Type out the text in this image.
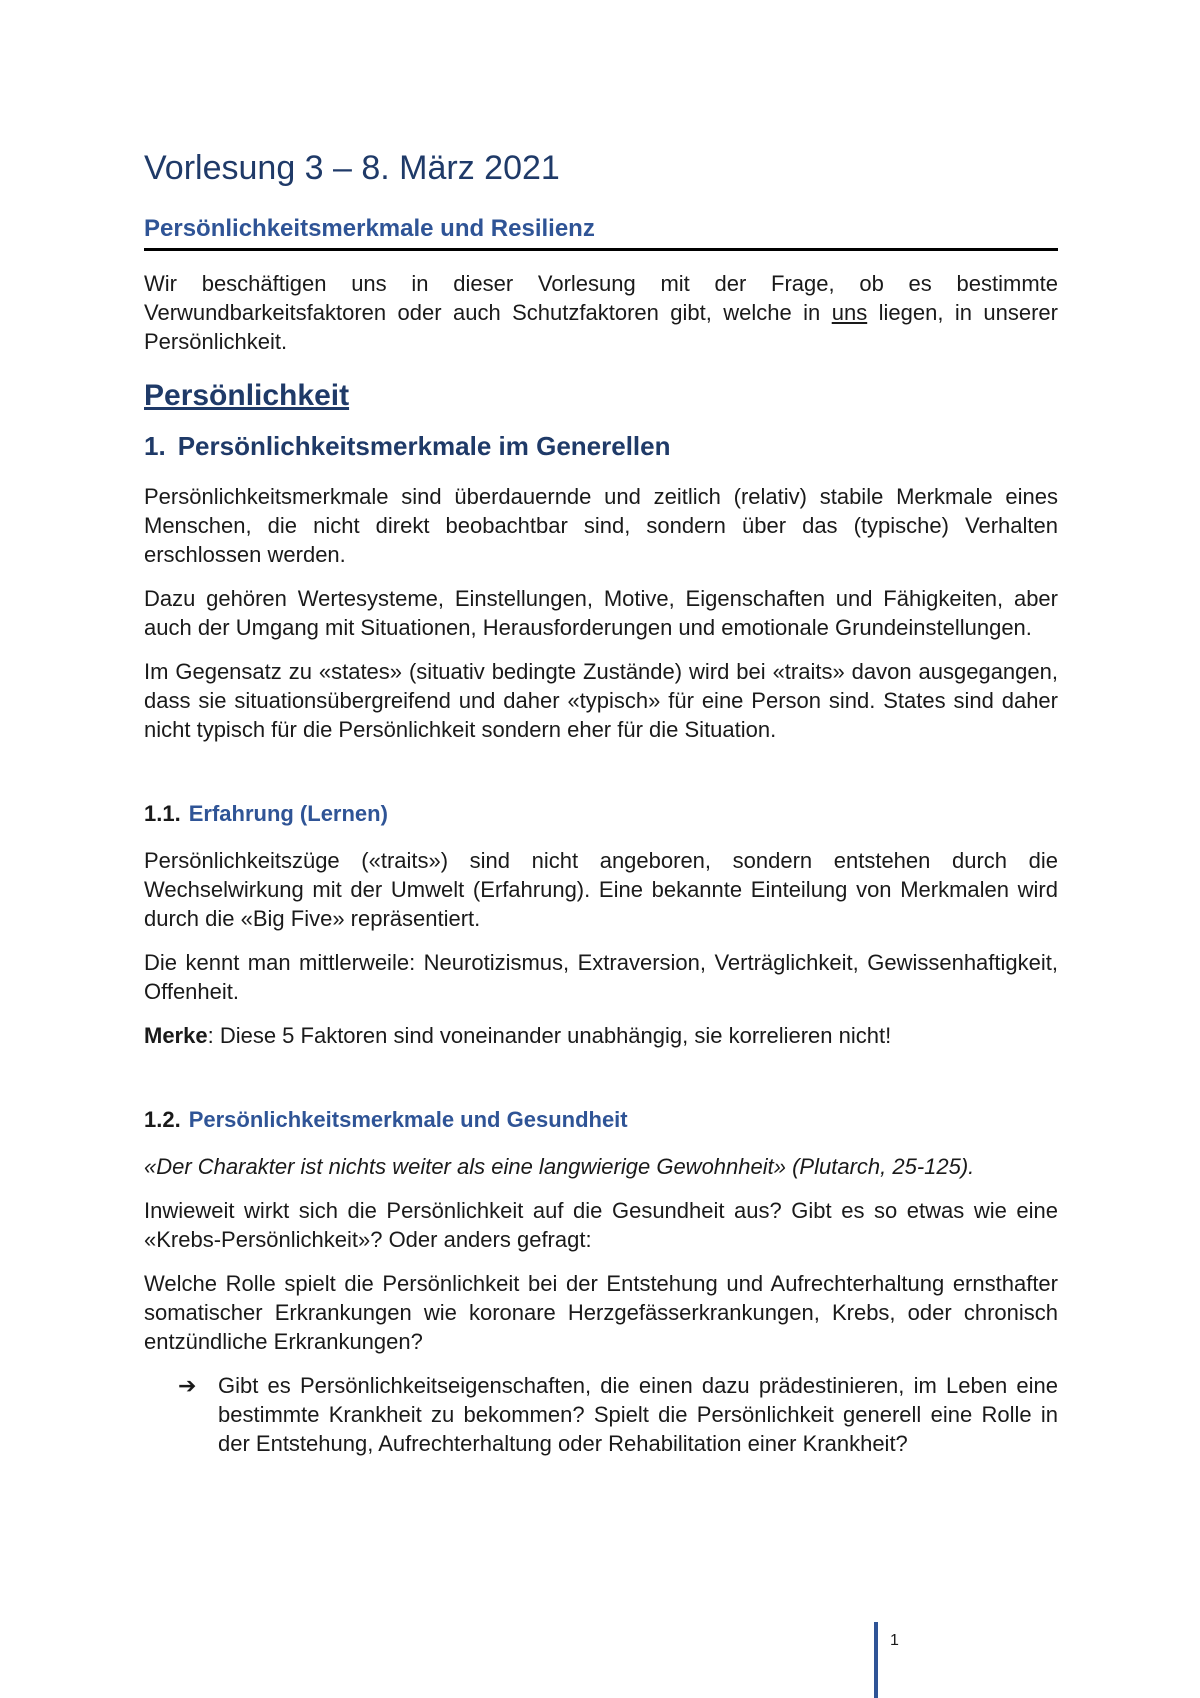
Vorlesung 3 – 8. März 2021
Persönlichkeitsmerkmale und Resilienz

Wir beschäftigen uns in dieser Vorlesung mit der Frage, ob es bestimmte Verwundbarkeitsfaktoren oder auch Schutzfaktoren gibt, welche in uns liegen, in unserer Persönlichkeit.

Persönlichkeit
1. Persönlichkeitsmerkmale im Generellen

Persönlichkeitsmerkmale sind überdauernde und zeitlich (relativ) stabile Merkmale eines Menschen, die nicht direkt beobachtbar sind, sondern über das (typische) Verhalten erschlossen werden.

Dazu gehören Wertesysteme, Einstellungen, Motive, Eigenschaften und Fähigkeiten, aber auch der Umgang mit Situationen, Herausforderungen und emotionale Grundeinstellungen.

Im Gegensatz zu «states» (situativ bedingte Zustände) wird bei «traits» davon ausgegangen, dass sie situationsübergreifend und daher «typisch» für eine Person sind. States sind daher nicht typisch für die Persönlichkeit sondern eher für die Situation.

1.1. Erfahrung (Lernen)

Persönlichkeitszüge («traits») sind nicht angeboren, sondern entstehen durch die Wechselwirkung mit der Umwelt (Erfahrung). Eine bekannte Einteilung von Merkmalen wird durch die «Big Five» repräsentiert.

Die kennt man mittlerweile: Neurotizismus, Extraversion, Verträglichkeit, Gewissenhaftigkeit, Offenheit.

Merke: Diese 5 Faktoren sind voneinander unabhängig, sie korrelieren nicht!

1.2. Persönlichkeitsmerkmale und Gesundheit

«Der Charakter ist nichts weiter als eine langwierige Gewohnheit» (Plutarch, 25-125).

Inwieweit wirkt sich die Persönlichkeit auf die Gesundheit aus? Gibt es so etwas wie eine «Krebs-Persönlichkeit»? Oder anders gefragt:

Welche Rolle spielt die Persönlichkeit bei der Entstehung und Aufrechterhaltung ernsthafter somatischer Erkrankungen wie koronare Herzgefässerkrankungen, Krebs, oder chronisch entzündliche Erkrankungen?

➔ Gibt es Persönlichkeitseigenschaften, die einen dazu prädestinieren, im Leben eine bestimmte Krankheit zu bekommen? Spielt die Persönlichkeit generell eine Rolle in der Entstehung, Aufrechterhaltung oder Rehabilitation einer Krankheit?

1
